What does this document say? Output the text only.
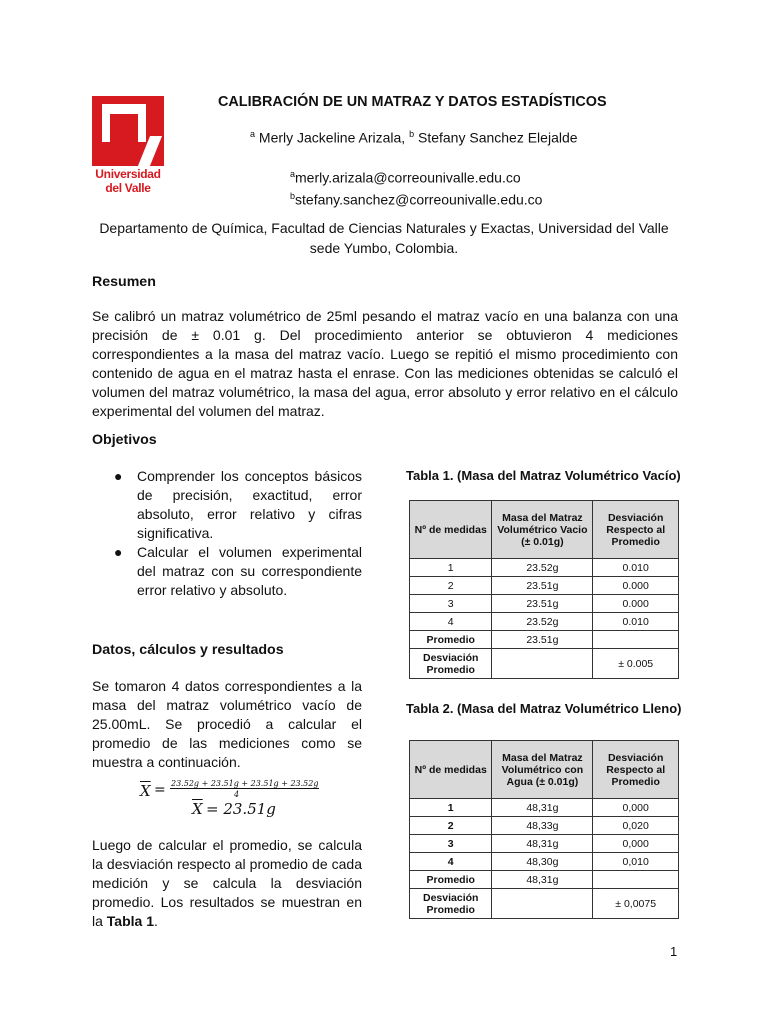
Universidad
del Valle
CALIBRACIÓN DE UN MATRAZ Y DATOS ESTADÍSTICOS
$^a$ Merly Jackeline Arizala, $^b$ Stefany Sanchez Elejalde
$^a$merly.arizala@correounivalle.edu.co
$^b$stefany.sanchez@correounivalle.edu.co
Departamento de Química, Facultad de Ciencias Naturales y Exactas, Universidad del Valle
sede Yumbo, Colombia.
Resumen
Se calibró un matraz volumétrico de 25ml pesando el matraz vacío en una balanza con una precisión de ± 0.01 g. Del procedimiento anterior se obtuvieron 4 mediciones correspondientes a la masa del matraz vacío. Luego se repitió el mismo procedimiento con contenido de agua en el matraz hasta el enrase. Con las mediciones obtenidas se calculó el volumen del matraz volumétrico, la masa del agua, error absoluto y error relativo en el cálculo experimental del volumen del matraz.
Objetivos
● Comprender los conceptos básicos de precisión, exactitud, error absoluto, error relativo y cifras significativa.
● Calcular el volumen experimental del matraz con su correspondiente error relativo y absoluto.
Datos, cálculos y resultados
Se tomaron 4 datos correspondientes a la masa del matraz volumétrico vacío de 25.00mL. Se procedió a calcular el promedio de las mediciones como se muestra a continuación.
$\overline{X} = 23.52g + 23.51g + 23.51g + 23.52g$
4
$\overline{X} = 23.51g$
Luego de calcular el promedio, se calcula la desviación respecto al promedio de cada medición y se calcula la desviación promedio. Los resultados se muestran en la Tabla 1.
Tabla 1. (Masa del Matraz Volumétrico Vacío)
Nº de medidas	Masa del Matraz Volumétrico Vacio (± 0.01g)	Desviación Respecto al Promedio
1	23.52g	0.010
2	23.51g	0.000
3	23.51g	0.000
4	23.52g	0.010
Promedio	23.51g	
Desviación Promedio		± 0.005
Tabla 2. (Masa del Matraz Volumétrico Lleno)
Nº de medidas	Masa del Matraz Volumétrico con Agua (± 0.01g)	Desviación Respecto al Promedio
1	48,31g	0,000
2	48,33g	0,020
3	48,31g	0,000
4	48,30g	0,010
Promedio	48,31g	
Desviación Promedio		± 0,0075
1
